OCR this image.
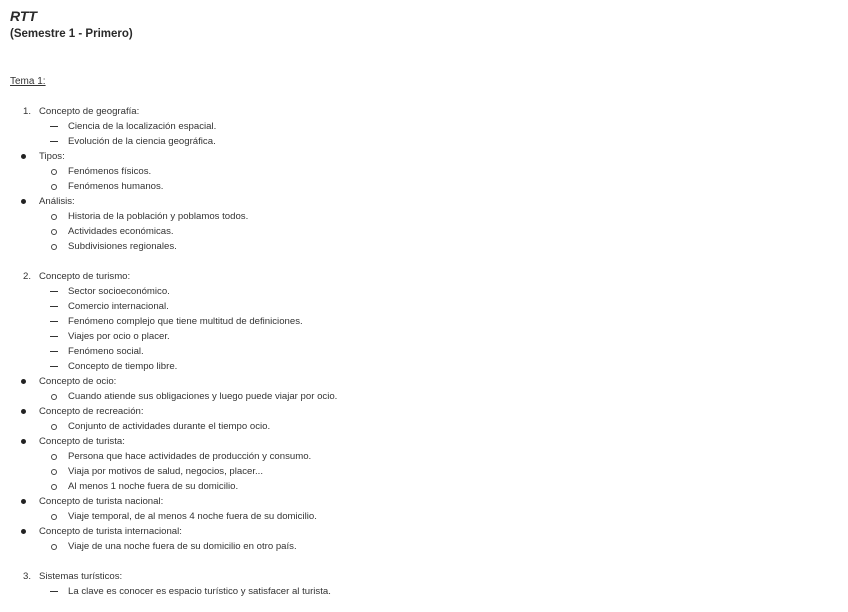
RTT
(Semestre 1 - Primero)
Tema 1:
1. Concepto de geografía:
Ciencia de la localización espacial.
Evolución de la ciencia geográfica.
Tipos:
Fenómenos físicos.
Fenómenos humanos.
Análisis:
Historia de la población y poblamos todos.
Actividades económicas.
Subdivisiones regionales.
2. Concepto de turismo:
Sector socioeconómico.
Comercio internacional.
Fenómeno complejo que tiene multitud de definiciones.
Viajes por ocio o placer.
Fenómeno social.
Concepto de tiempo libre.
Concepto de ocio:
Cuando atiende sus obligaciones y luego puede viajar por ocio.
Concepto de recreación:
Conjunto de actividades durante el tiempo ocio.
Concepto de turista:
Persona que hace actividades de producción y consumo.
Viaja por motivos de salud, negocios, placer...
Al menos 1 noche fuera de su domicilio.
Concepto de turista nacional:
Viaje temporal, de al menos 4 noche fuera de su domicilio.
Concepto de turista internacional:
Viaje de una noche fuera de su domicilio en otro país.
3. Sistemas turísticos:
La clave es conocer es espacio turístico y satisfacer al turista.
